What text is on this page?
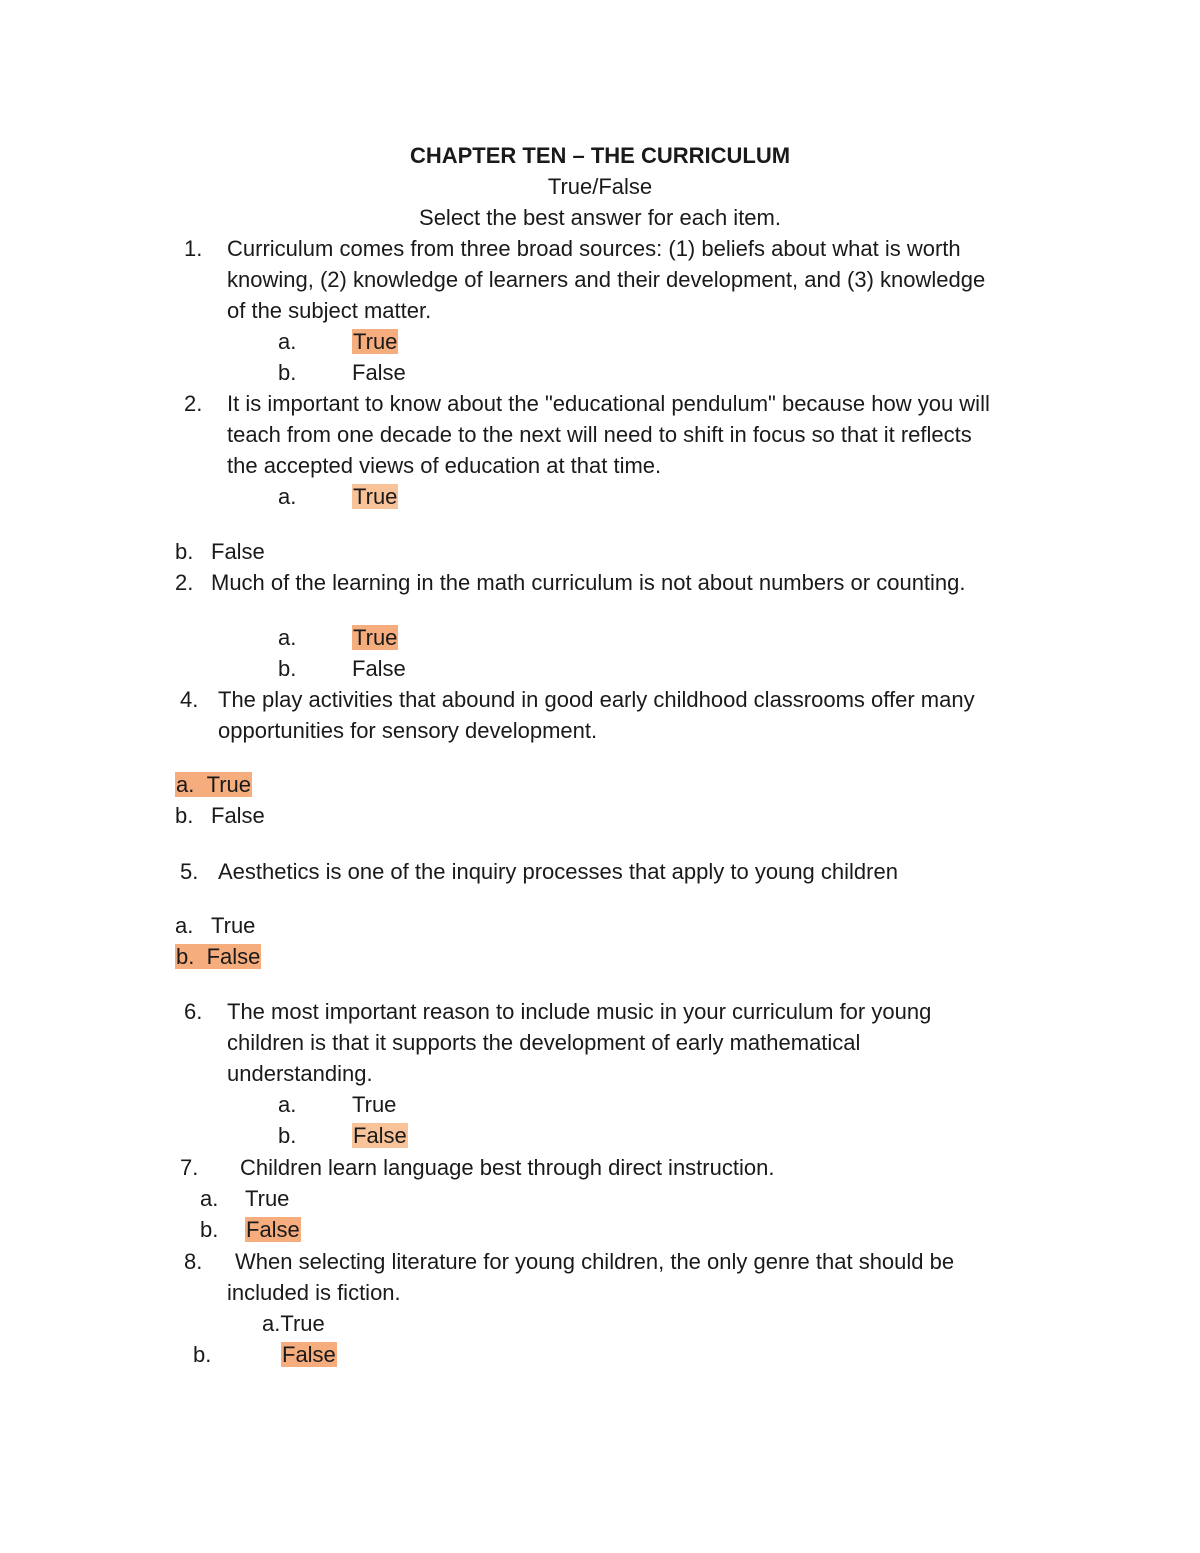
CHAPTER TEN – THE CURRICULUM
True/False
Select the best answer for each item.
1. Curriculum comes from three broad sources: (1) beliefs about what is worth
knowing, (2) knowledge of learners and their development, and (3) knowledge
of the subject matter.
a.	True
b.	False
2. It is important to know about the "educational pendulum" because how you will
teach from one decade to the next will need to shift in focus so that it reflects
the accepted views of education at that time.
a.	True
b. False
2. Much of the learning in the math curriculum is not about numbers or counting.
a.	True
b.	False
4. The play activities that abound in good early childhood classrooms offer many
opportunities for sensory development.
a. True
b. False
5. Aesthetics is one of the inquiry processes that apply to young children
a. True
b. False
6. The most important reason to include music in your curriculum for young
children is that it supports the development of early mathematical
understanding.
a.	True
b.	False
7. Children learn language best through direct instruction.
a. True
b. False
8. When selecting literature for young children, the only genre that should be
included is fiction.
a.True
b.	False
